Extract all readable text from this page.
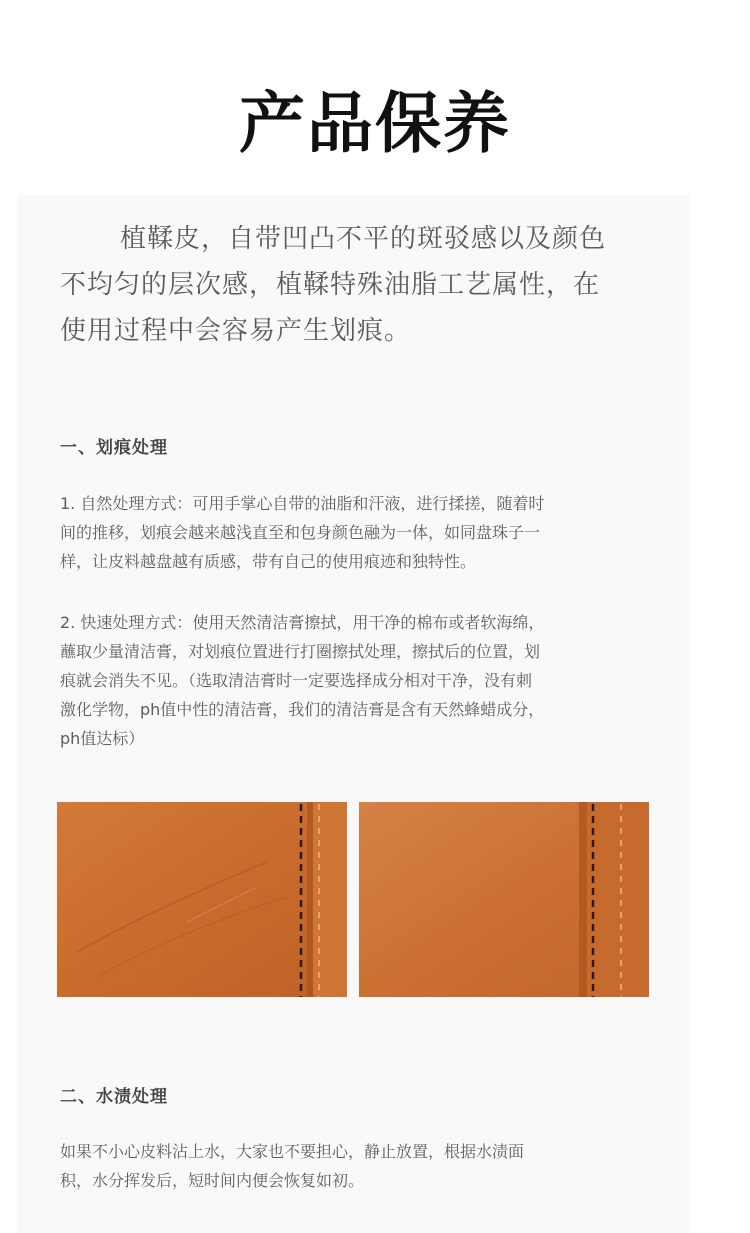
产品保养
植鞣皮，自带凹凸不平的斑驳感以及颜色
不均匀的层次感，植鞣特殊油脂工艺属性，在
使用过程中会容易产生划痕。
一、划痕处理
1. 自然处理方式：可用手掌心自带的油脂和汗液，进行揉搓，随着时
间的推移，划痕会越来越浅直至和包身颜色融为一体，如同盘珠子一
样，让皮料越盘越有质感，带有自己的使用痕迹和独特性。
2. 快速处理方式：使用天然清洁膏擦拭，用干净的棉布或者软海绵，
蘸取少量清洁膏，对划痕位置进行打圈擦拭处理，擦拭后的位置，划
痕就会消失不见。（选取清洁膏时一定要选择成分相对干净，没有刺
激化学物，ph值中性的清洁膏，我们的清洁膏是含有天然蜂蜡成分，
ph值达标）
二、水渍处理
如果不小心皮料沾上水，大家也不要担心，静止放置，根据水渍面
积，水分挥发后，短时间内便会恢复如初。
